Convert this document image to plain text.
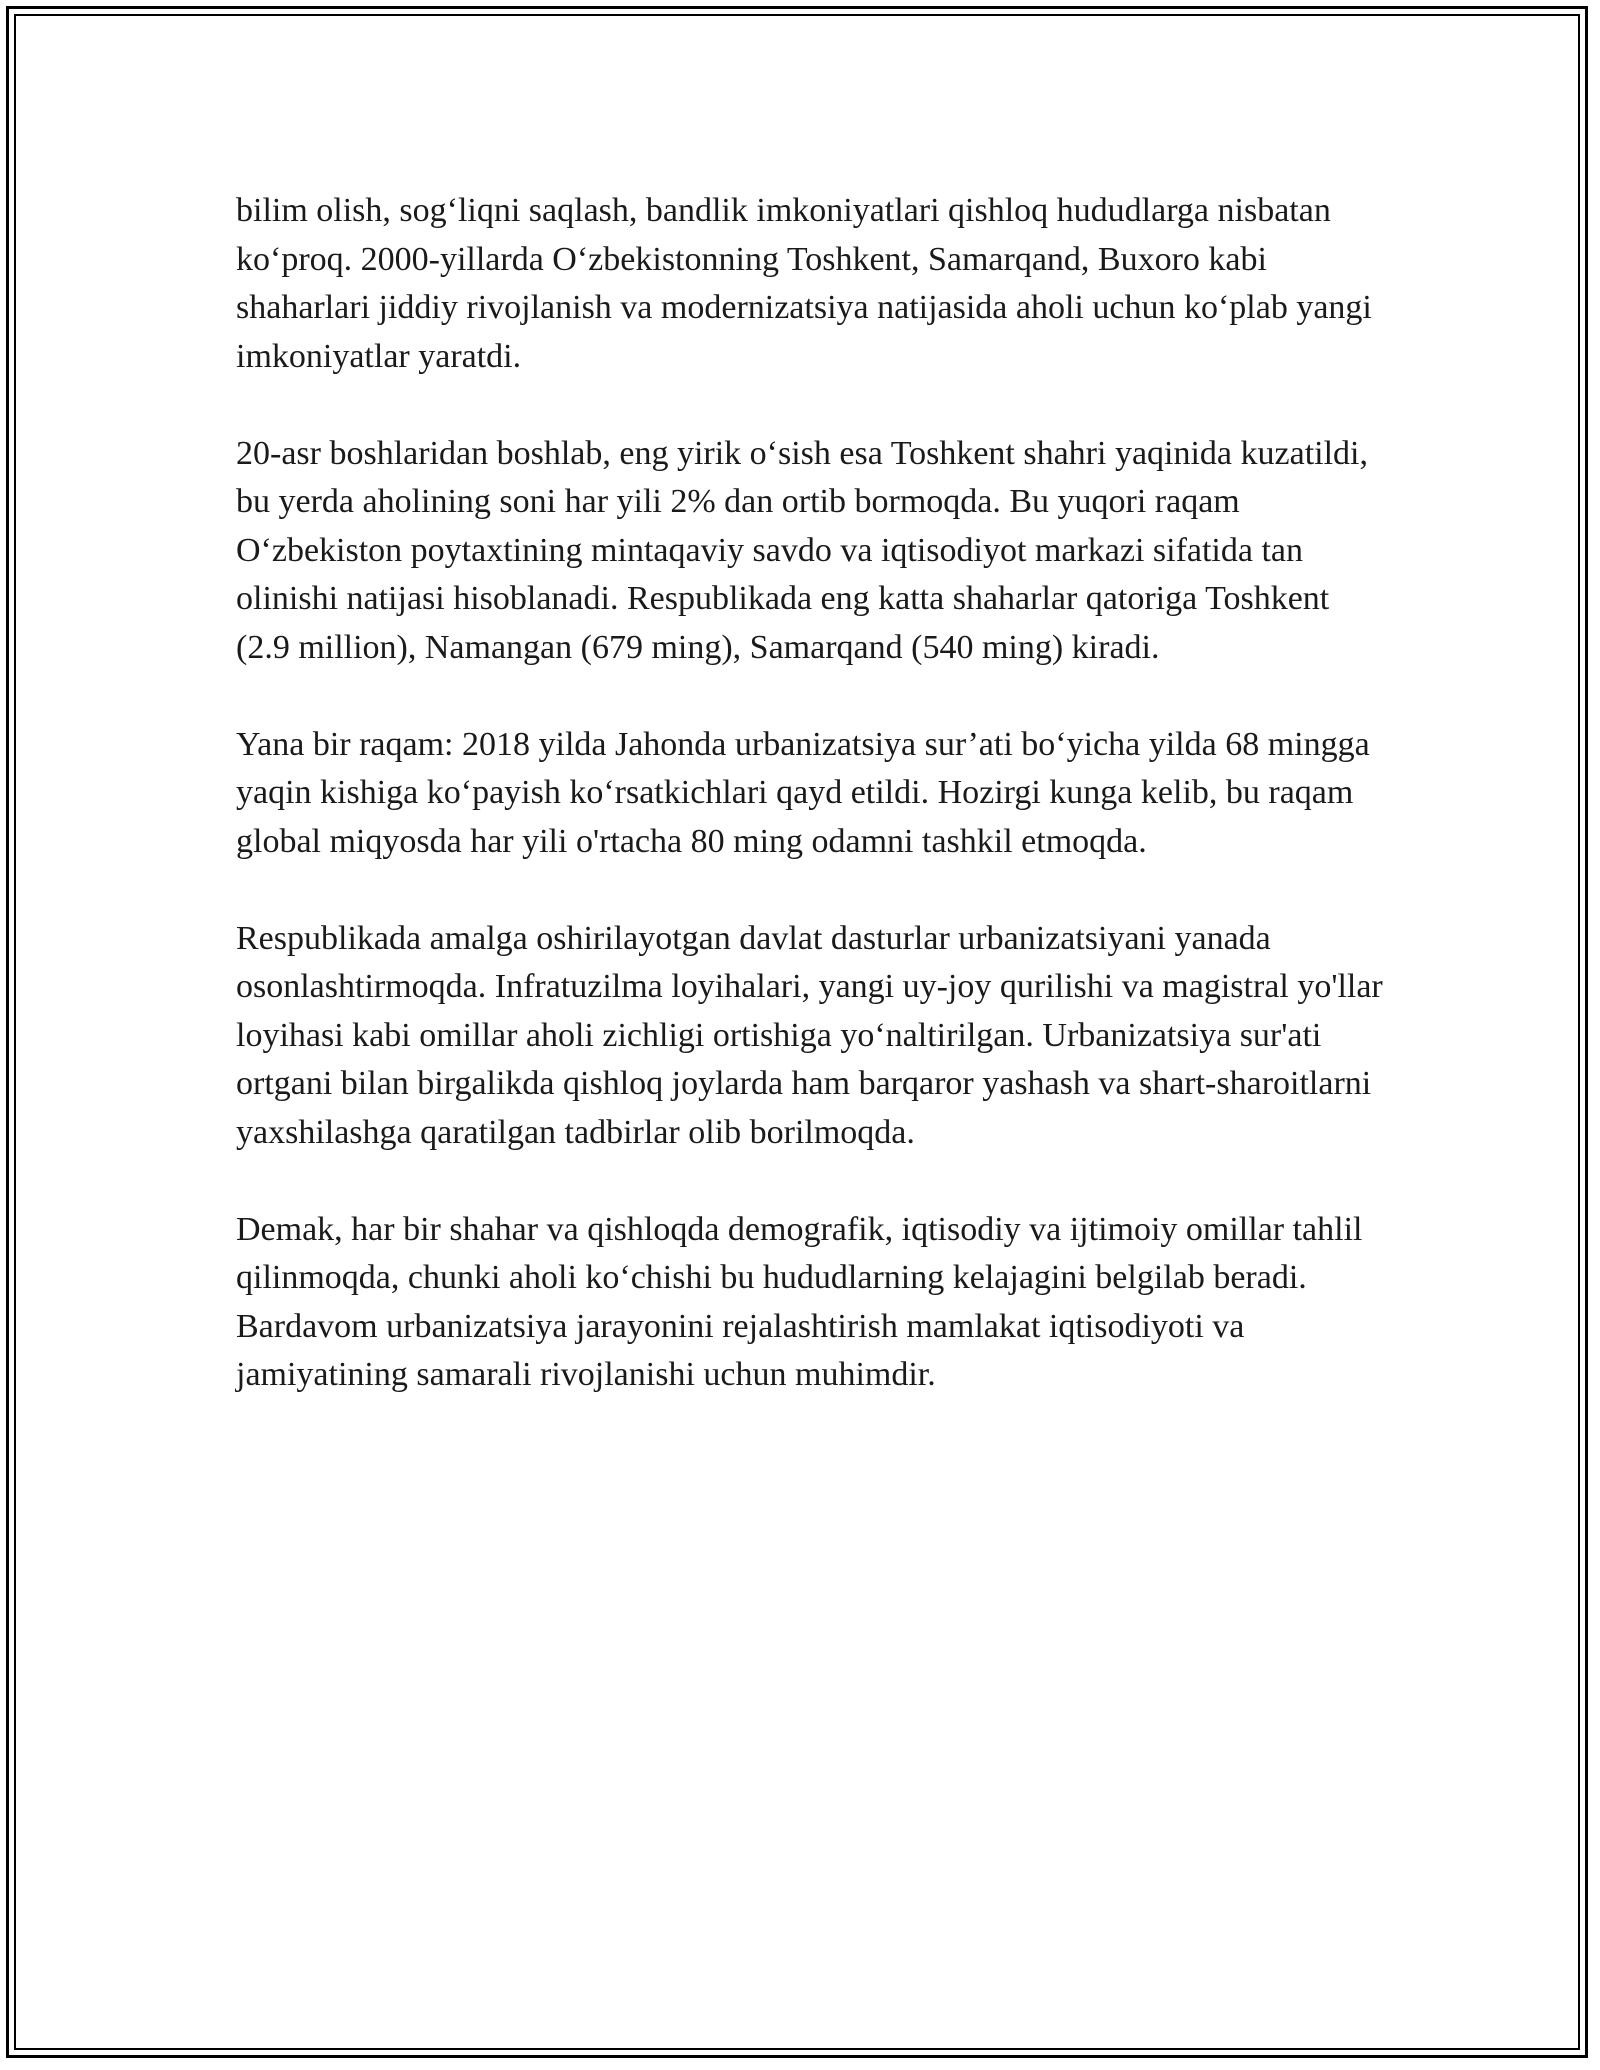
bilim olish, sog‘liqni saqlash, bandlik imkoniyatlari qishloq hududlarga nisbatan ko‘proq. 2000-yillarda O‘zbekistonning Toshkent, Samarqand, Buxoro kabi shaharlari jiddiy rivojlanish va modernizatsiya natijasida aholi uchun ko‘plab yangi imkoniyatlar yaratdi.

20-asr boshlaridan boshlab, eng yirik o‘sish esa Toshkent shahri yaqinida kuzatildi, bu yerda aholining soni har yili 2% dan ortib bormoqda. Bu yuqori raqam O‘zbekiston poytaxtining mintaqaviy savdo va iqtisodiyot markazi sifatida tan olinishi natijasi hisoblanadi. Respublikada eng katta shaharlar qatoriga Toshkent (2.9 million), Namangan (679 ming), Samarqand (540 ming) kiradi.

Yana bir raqam: 2018 yilda Jahonda urbanizatsiya sur’ati bo‘yicha yilda 68 mingga yaqin kishiga ko‘payish ko‘rsatkichlari qayd etildi. Hozirgi kunga kelib, bu raqam global miqyosda har yili o'rtacha 80 ming odamni tashkil etmoqda.

Respublikada amalga oshirilayotgan davlat dasturlar urbanizatsiyani yanada osonlashtirmoqda. Infratuzilma loyihalari, yangi uy-joy qurilishi va magistral yo'llar loyihasi kabi omillar aholi zichligi ortishiga yo‘naltirilgan. Urbanizatsiya sur'ati ortgani bilan birgalikda qishloq joylarda ham barqaror yashash va shart-sharoitlarni yaxshilashga qaratilgan tadbirlar olib borilmoqda.

Demak, har bir shahar va qishloqda demografik, iqtisodiy va ijtimoiy omillar tahlil qilinmoqda, chunki aholi ko‘chishi bu hududlarning kelajagini belgilab beradi. Bardavom urbanizatsiya jarayonini rejalashtirish mamlakat iqtisodiyoti va jamiyatining samarali rivojlanishi uchun muhimdir.
